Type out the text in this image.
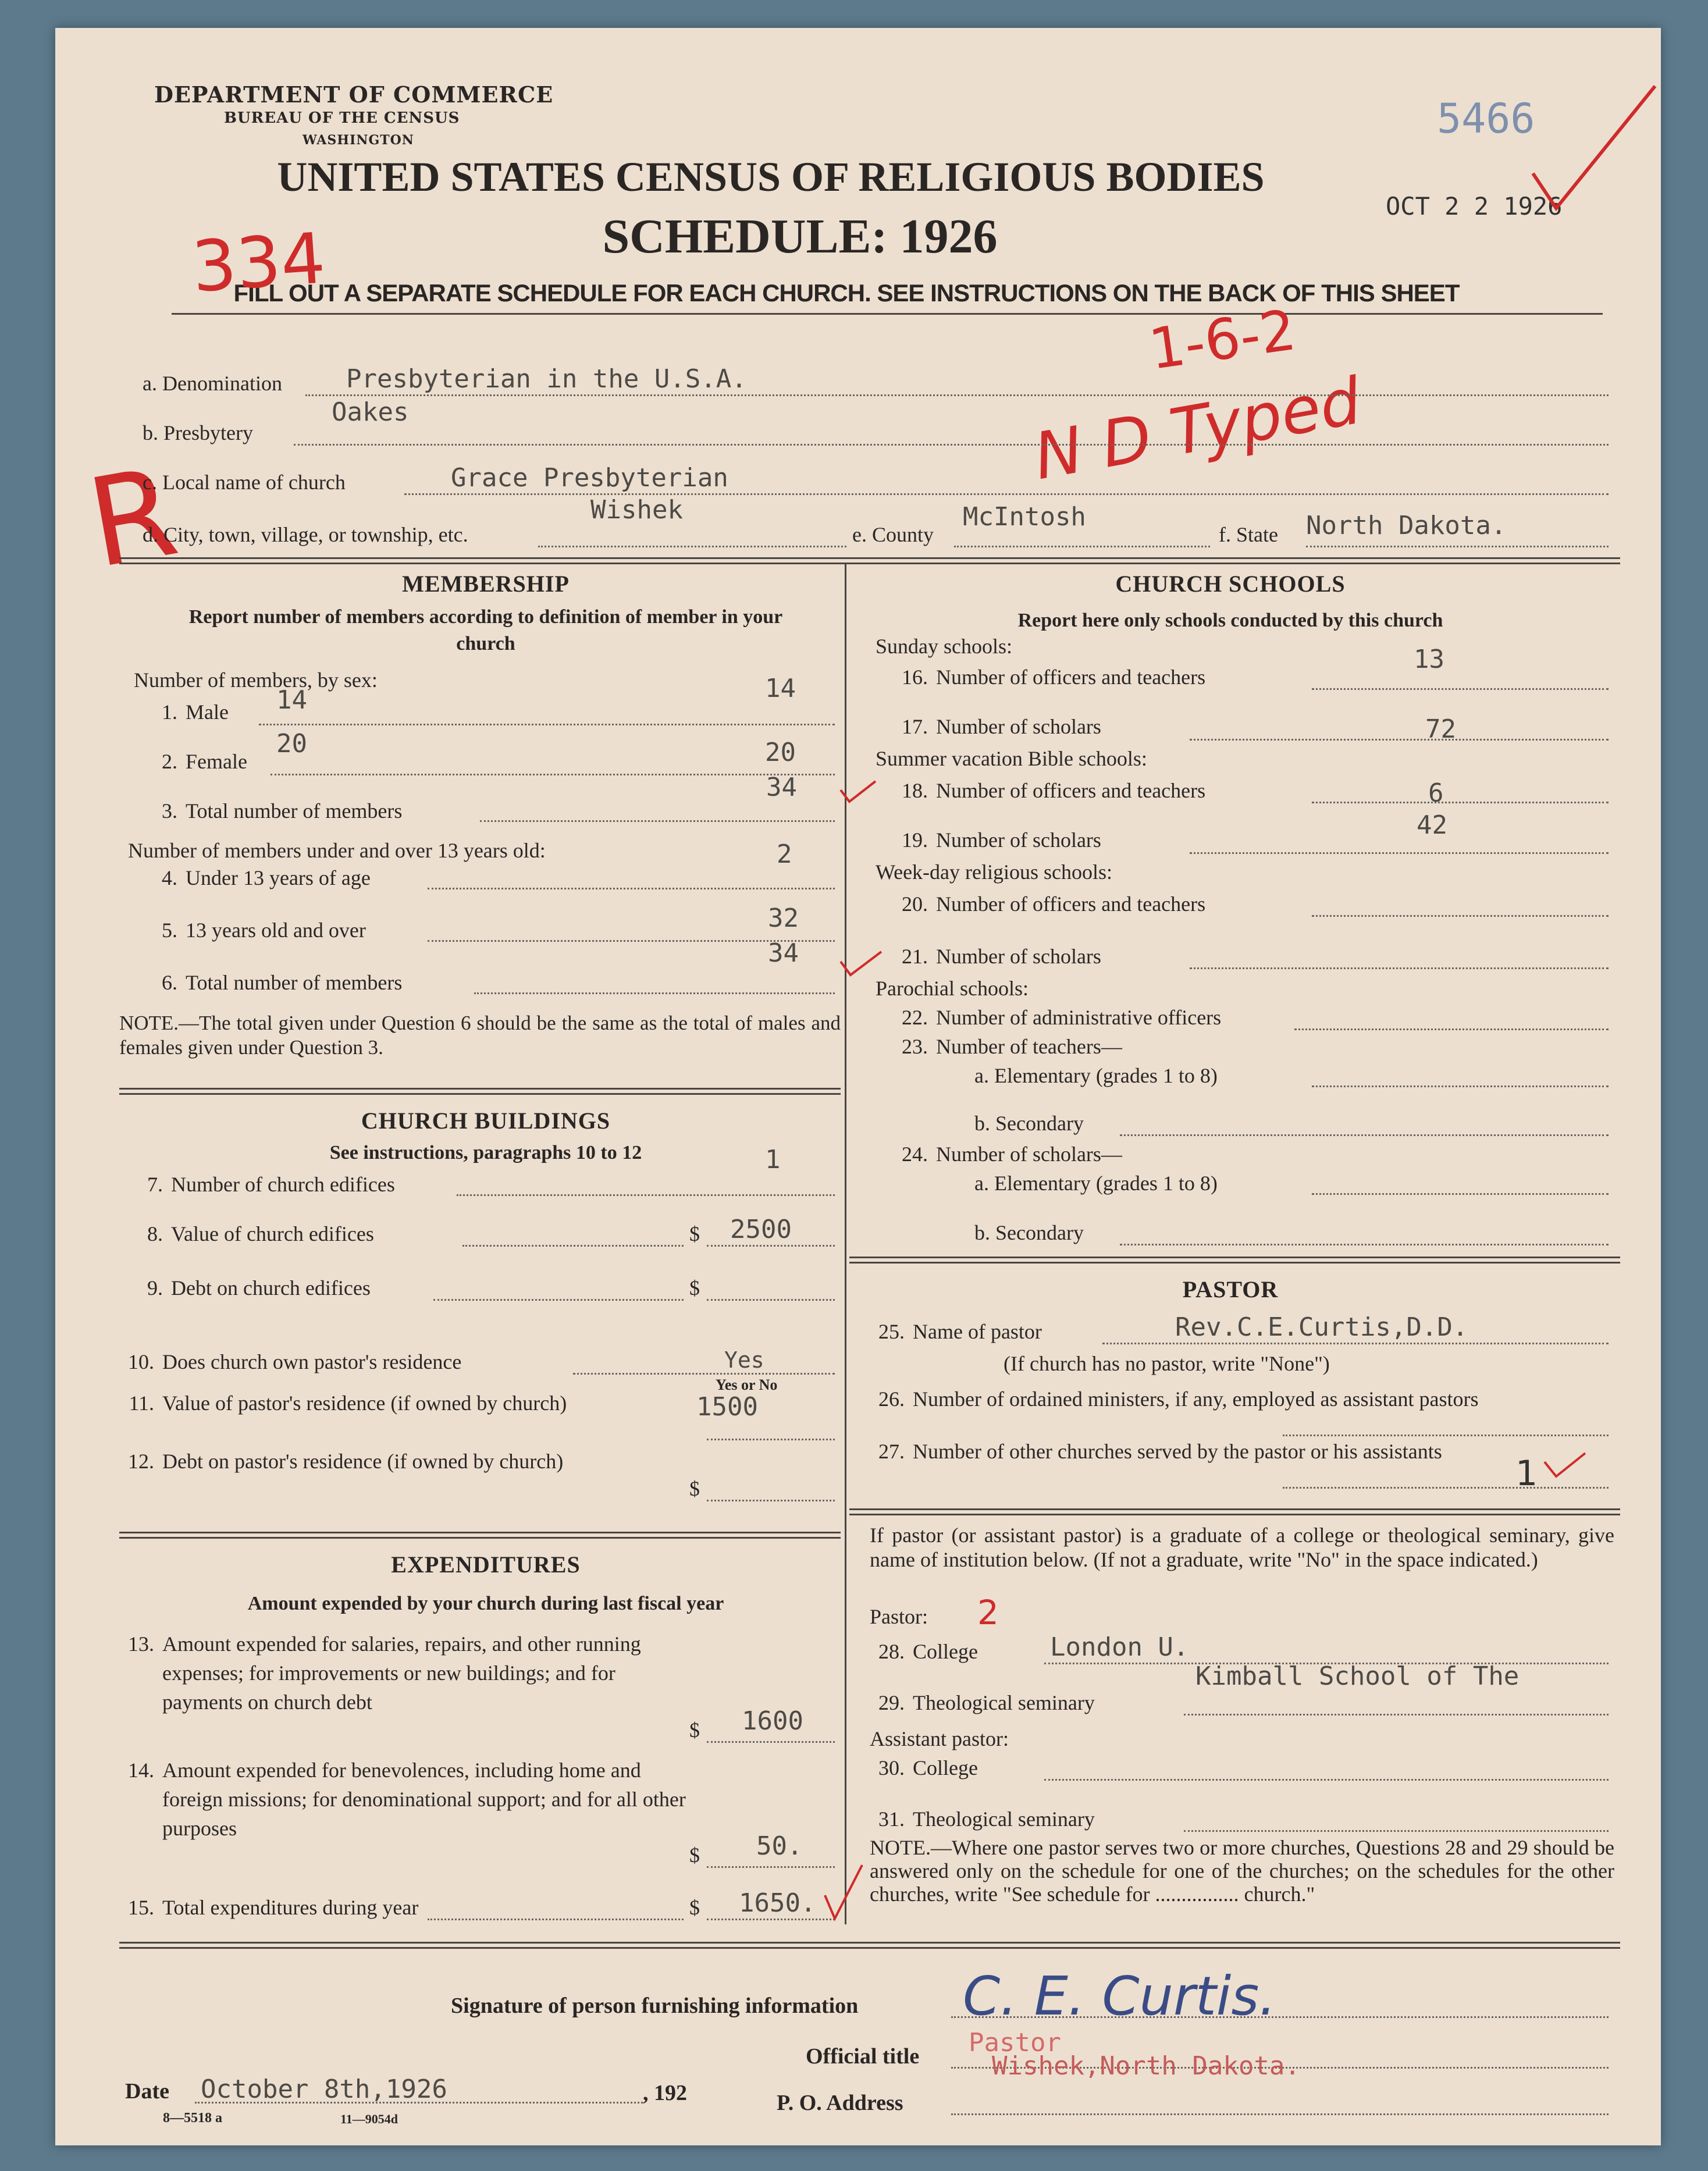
DEPARTMENT OF COMMERCE
BUREAU OF THE CENSUS
WASHINGTON
UNITED STATES CENSUS OF RELIGIOUS BODIES
SCHEDULE: 1926
FILL OUT A SEPARATE SCHEDULE FOR EACH CHURCH. SEE INSTRUCTIONS ON THE BACK OF THIS SHEET
5466
OCT 2 2 1926
334
1-6-2
N D Typed
R
a. Denomination	Presbyterian in the U.S.A.
b. Presbytery
Oakes
c. Local name of church	Grace Presbyterian
d. City, town, village, or township, etc.
Wishek
e. County
McIntosh
f. State North Dakota.
MEMBERSHIP
Report number of members according to definition of member in your church
Number of members, by sex:
1. Male 14	14
2. Female
20	20
3. Total number of members
34
Number of members under and over 13 years old:
4. Under 13 years of age
2
5. 13 years old and over	32
6. Total number of members
34
NOTE.—The total given under Question 6 should be the same as the total of males and females given under Question 3.
CHURCH BUILDINGS
See instructions, paragraphs 10 to 12
7. Number of church edifices
1
8. Value of church edifices	$ 2500
9. Debt on church edifices	$
10. Does church own pastor's residence	Yes
Yes or No
11. Value of pastor's residence (if owned by church)	1500
12. Debt on pastor's residence (if owned by church)
$
EXPENDITURES
Amount expended by your church during last fiscal year
13. Amount expended for salaries, repairs, and other running expenses; for improvements or new buildings; and for payments on church debt
$ 1600
14. Amount expended for benevolences, including home and foreign missions; for denominational support; and for all other purposes
$ 50.
15. Total expenditures during year	$ 1650.
CHURCH SCHOOLS
Report here only schools conducted by this church
Sunday schools:
16. Number of officers and teachers
13
17. Number of scholars	72
Summer vacation Bible schools:
18. Number of officers and teachers	6
19. Number of scholars	42
Week-day religious schools:
20. Number of officers and teachers
21. Number of scholars
Parochial schools:
22. Number of administrative officers
23. Number of teachers—
a. Elementary (grades 1 to 8)
b. Secondary
24. Number of scholars—
a. Elementary (grades 1 to 8)
b. Secondary
PASTOR
25. Name of pastor	Rev.C.E.Curtis,D.D.
(If church has no pastor, write "None")
26. Number of ordained ministers, if any, employed as assistant pastors
27. Number of other churches served by the pastor or his assistants
1
If pastor (or assistant pastor) is a graduate of a college or theological seminary, give name of institution below. (If not a graduate, write "No" in the space indicated.)
Pastor: 2
28. College	London U.
Kimball School of The
29. Theological seminary
Assistant pastor:
30. College
31. Theological seminary
NOTE.—Where one pastor serves two or more churches, Questions 28 and 29 should be answered only on the schedule for one of the churches; on the schedules for the other churches, write "See schedule for ................ church."
Signature of person furnishing information C. E. Curtis.
Official title Pastor
Date October 8th,1926	, 192	P. O. Address
Wishek,North Dakota.
8—5518 a	11—9054d
